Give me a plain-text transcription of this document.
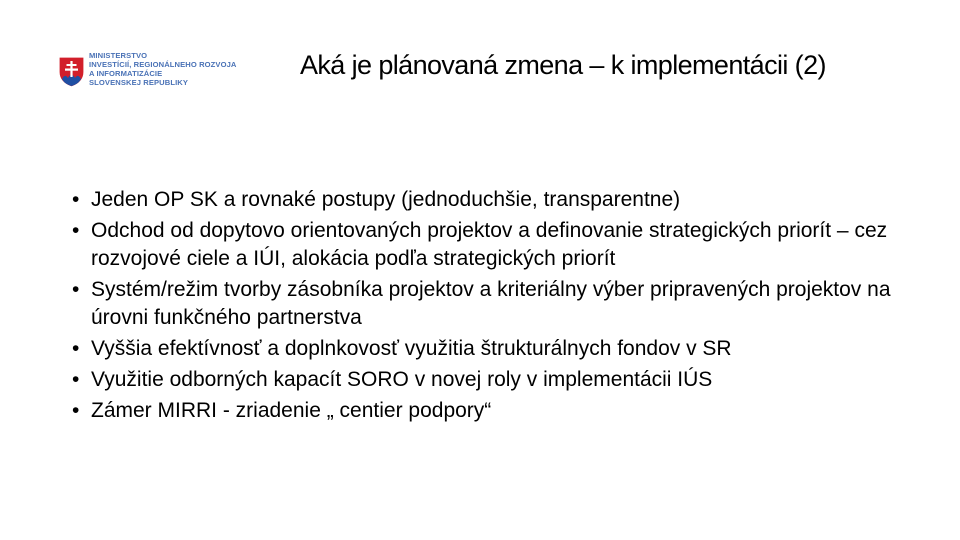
MINISTERSTVO
INVESTÍCIÍ, REGIONÁLNEHO ROZVOJA
A INFORMATIZÁCIE
SLOVENSKEJ REPUBLIKY
Aká je plánovaná zmena – k implementácii (2)
• Jeden OP SK a rovnaké postupy (jednoduchšie, transparentne)
• Odchod od dopytovo orientovaných projektov a definovanie strategických priorít – cez rozvojové ciele a IÚI, alokácia podľa strategických priorít
• Systém/režim tvorby zásobníka projektov a kriteriálny výber pripravených projektov na úrovni funkčného partnerstva
• Vyššia efektívnosť a doplnkovosť využitia štrukturálnych fondov v SR
• Využitie odborných kapacít SORO v novej roly v implementácii IÚS
• Zámer MIRRI - zriadenie „ centier podpory“
